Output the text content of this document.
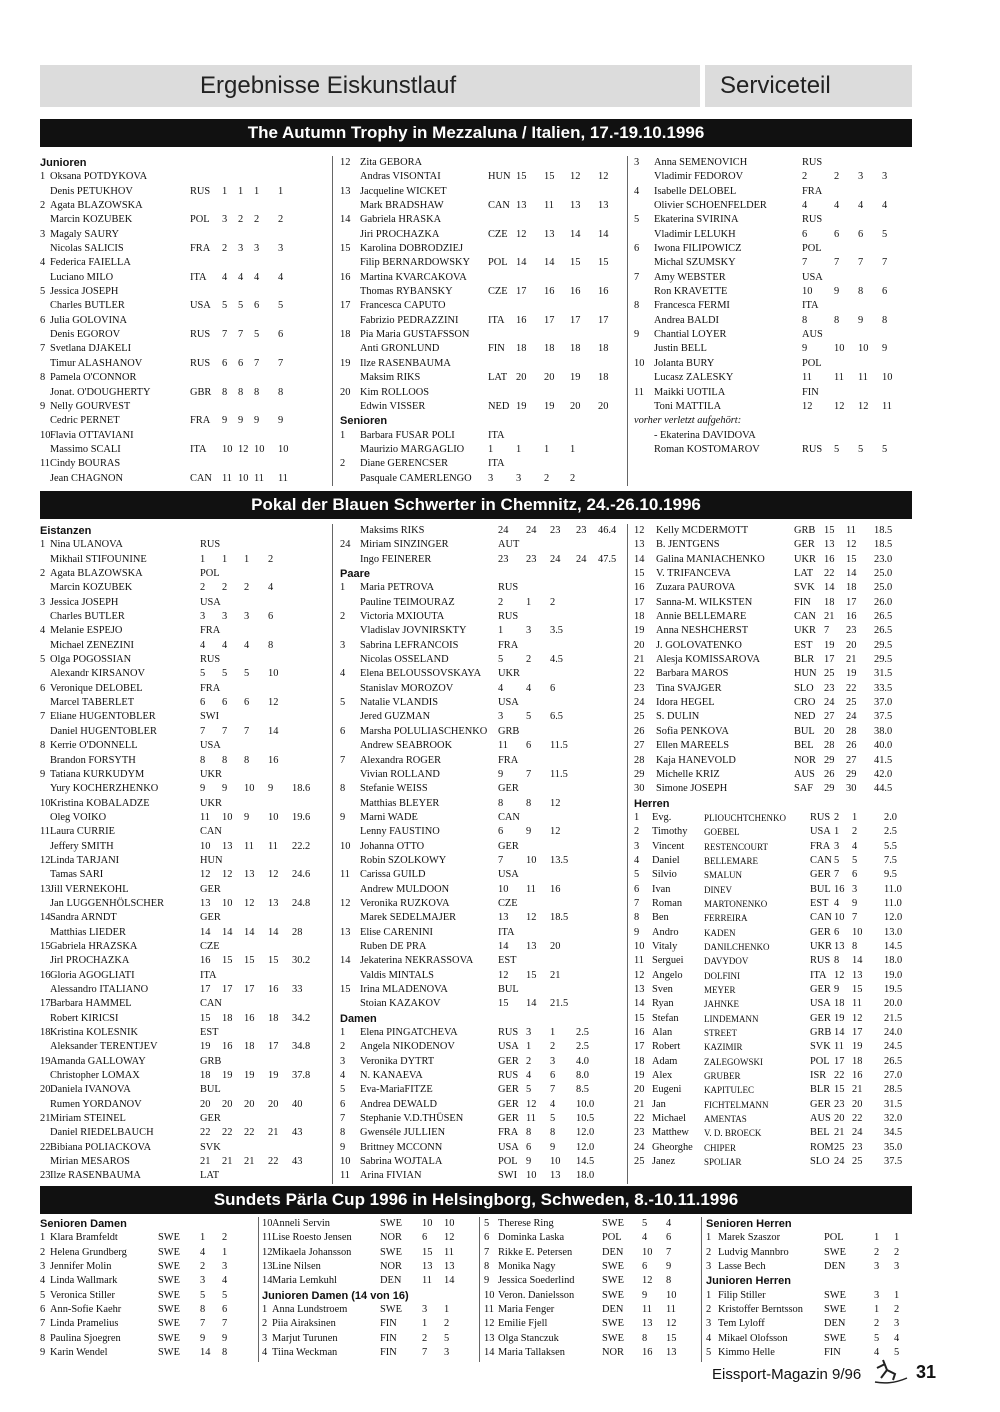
Ergebnisse Eiskunstlauf	Serviceteil
The Autumn Trophy in Mezzaluna / Italien, 17.-19.10.1996
Pokal der Blauen Schwerter in Chemnitz, 24.-26.10.1996
Sundets Pärla Cup 1996 in Helsingborg, Schweden, 8.-10.11.1996
Junioren
1 Oksana POTDYKOVA
Denis PETUKHOV	RUS 1 1 1 1
2 Agata BLAZOWSKA
Marcin KOZUBEK	POL 3 2 2 2
3 Magaly SAURY
Nicolas SALICIS	FRA 2 3 3 3
4 Federica FAIELLA
Luciano MILO	ITA 4 4 4 4
5 Jessica JOSEPH
Charles BUTLER	USA 5 5 6 5
6 Julia GOLOVINA
Denis EGOROV	RUS 7 7 5 6
7 Svetlana DJAKELI
Timur ALASHANOV	RUS 6 6 7 7
8 Pamela O'CONNOR
Jonat. O'DOUGHERTY	GBR 8 8 8 8
9 Nelly GOURVEST
Cedric PERNET	FRA 9 9 9 9
10 Flavia OTTAVIANI
Massimo SCALI	ITA 10 12 10 10
11 Cindy BOURAS
Jean CHAGNON	CAN 11 10 11 11
12 Zita GEBORA
Andras VISONTAI	HUN 15 15 12 12
13 Jacqueline WICKET
Mark BRADSHAW	CAN 13 11 13 13
14 Gabriela HRASKA
Jiri PROCHAZKA	CZE 12 13 14 14
15 Karolina DOBRODZIEJ
Filip BERNARDOWSKY POL 14 14 15 15
16 Martina KVARCAKOVA
Thomas RYBANSKY	CZE 17 16 16 16
17 Francesca CAPUTO
Fabrizio PEDRAZZINI	ITA 16 17 17 17
18 Pia Maria GUSTAFSSON
Anti GRONLUND	FIN 18 18 18 18
19 Ilze RASENBAUMA
Maksim RIKS	LAT 20 20 19 18
20 Kim ROLLOOS
Edwin VISSER	NED 19 19 20 20
Senioren
1 Barbara FUSAR POLI	ITA
Maurizio MARGAGLIO 1 1 1 1
2 Diane GERENCSER	ITA
Pasquale CAMERLENGO 3 3 2 2
3 Anna SEMENOVICH	RUS
Vladimir FEDOROV	2	2 3 3
4 Isabelle DELOBEL	FRA
Olivier SCHOENFELDER	4	4 4 4
5 Ekaterina SVIRINA	RUS
Vladimir LELUKH	6	6 6 5
6 Iwona FILIPOWICZ	POL
Michal SZUMSKY	7	7 7 7
7 Amy WEBSTER	USA
Ron KRAVETTE	10 9 8 6
8 Francesca FERMI	ITA
Andrea BALDI	8	8 9 8
9 Chantial LOYER	AUS
Justin BELL	9	10 10 9
10 Jolanta BURY	POL
Lucasz ZALESKY	11 11 11 10
11 Maikki UOTILA	FIN
Toni MATTILA	12 12 12 11
vorher verletzt aufgehört:
- Ekaterina DAVIDOVA
Roman KOSTOMAROV	RUS 5 5 5
Eistanzen
1 Nina ULANOVA	RUS
Mikhail STIFOUNINE	1 1 1 2
2 Agata BLAZOWSKA	POL
Marcin KOZUBEK	2 2 2 4
3 Jessica JOSEPH	USA
Charles BUTLER	3 3 3 6
4 Melanie ESPEJO	FRA
Michael ZENEZINI	4 4 4 8
5 Olga POGOSSIAN	RUS
Alexandr KIRSANOV	5 5 5 10
6 Veronique DELOBEL	FRA
Marcel TABERLET	6 6 6 12
7 Eliane HUGENTOBLER	SWI
Daniel HUGENTOBLER	7 7 7 14
8 Kerrie O'DONNELL	USA
Brandon FORSYTH	8 8 8 16
9 Tatiana KURKUDYM	UKR
Yury KOCHERZHENKO	9 9 10 9 18.6
10 Kristina KOBALADZE	UKR
Oleg VOIKO	11 10 9 10 19.6
11 Laura CURRIE	CAN
Jeffery SMITH	10 13 11 11 22.2
12 Linda TARJANI	HUN
Tamas SARI	12 12 13 12 24.6
13 Jill VERNEKOHL	GER
Jan LUGGENHÖLSCHER	13 10 12 13 24.8
14 Sandra ARNDT	GER
Matthias LIEDER	14 14 14 14 28
15 Gabriela HRAZSKA	CZE
Jirl PROCHAZKA	16 15 15 15 30.2
16 Gloria AGOGLIATI	ITA
Alessandro ITALIANO	17 17 17 16 33
17 Barbara HAMMEL	CAN
Robert KIRICSI	15 18 16 18 34.2
18 Kristina KOLESNIK	EST
Aleksander TERENTJEV	19 16 18 17 34.8
19 Amanda GALLOWAY	GRB
Christopher LOMAX	18 19 19 19 37.8
20 Daniela IVANOVA	BUL
Rumen YORDANOV	20 20 20 20 40
21 Miriam STEINEL	GER
Daniel RIEDELBAUCH	22 22 22 21 43
22 Bibiana POLIACKOVA	SVK
Mirian MESAROS	21 21 21 22 43
23 Ilze RASENBAUMA	LAT
Maksims RIKS	24 24 23 23 46.4
24 Miriam SINZINGER	AUT
Ingo FEINERER	23 23 24 24 47.5
Paare
1 Maria PETROVA	RUS
Pauline TEIMOURAZ	2 1 2
2 Victoria MXIOUTA	RUS
Vladislav JOVNIRSKTY	1 3 3.5
3 Sabrina LEFRANCOIS	FRA
Nicolas OSSELAND	5 2 4.5
4 Elena BELOUSSOVSKAYA UKR
Stanislav MOROZOV	4 4 6
5 Natalie VLANDIS	USA
Jered GUZMAN	3 5 6.5
6 Marsha POLULIASCHENKO GRB
Andrew SEABROOK	11 6 11.5
7 Alexandra ROGER	FRA
Vivian ROLLAND	9 7 11.5
8 Stefanie WEISS	GER
Matthias BLEYER	8 8 12
9 Marni WADE	CAN
Lenny FAUSTINO	6 9 12
10 Johanna OTTO	GER
Robin SZOLKOWY	7 10 13.5
11 Carissa GUILD	USA
Andrew MULDOON	10 11 16
12 Veronika RUZKOVA	CZE
Marek SEDELMAJER	13 12 18.5
13 Elise CARENINI	ITA
Ruben DE PRA	14 13 20
14 Jekaterina NEKRASSOVA EST
Valdis MINTALS	12 15 21
15 Irina MLADENOVA	BUL
Stoian KAZAKOV	15 14 21.5
Damen
1 Elena PINGATCHEVA	RUS 3 1 2.5
2 Angela NIKODENOV	USA 1 2 2.5
3 Veronika DYTRT	GER 2 3 4.0
4 N. KANAEVA	RUS 4 6 8.0
5 Eva-MariaFITZE	GER 5 7 8.5
6 Andrea DEWALD	GER 12 4 10.0
7 Stephanie V.D.THÜSEN	GER 11 5 10.5
8 Gwenséle JULLIEN	FRA 8 8 12.0
9 Brittney MCCONN	USA 6 9 12.0
10 Sabrina WOJTALA	POL 9 10 14.5
11 Arina FIVIAN	SWI 10 13 18.0
12 Kelly MCDERMOTT	GRB 15 11 18.5
13 B. JENTGENS	GER 13 12 18.5
14 Galina MANIACHENKO	UKR 16 15 23.0
15 V. TRIFANCEVA	LAT 22 14 25.0
16 Zuzara PAUROVA	SVK 14 18 25.0
17 Sanna-M. WILKSTEN	FIN 18 17 26.0
18 Annie BELLEMARE	CAN 21 16 26.5
19 Anna NESHCHERST	UKR 7 23 26.5
20 J. GOLOVATENKO	EST 19 20 29.5
21 Alesja KOMISSAROVA	BLR 17 21 29.5
22 Barbara MAROS	HUN 25 19 31.5
23 Tina SVAJGER	SLO 23 22 33.5
24 Idora HEGEL	CRO 24 25 37.0
25 S. DULIN	NED 27 24 37.5
26 Sofia PENKOVA	BUL 20 28 38.0
27 Ellen MAREELS	BEL 28 26 40.0
28 Kaja HANEVOLD	NOR 29 27 41.5
29 Michelle KRIZ	AUS 26 29 42.0
30 Simone JOSEPH	SAF 29 30 44.5
Herren
1 Evg.	PLIOUCHTCHENKO RUS 2 1	2.0
2 Timothy GOEBEL	USA 1 2	2.5
3 Vincent RESTENCOURT	FRA 3 4	5.5
4 Daniel	BELLEMARE	CAN 5 5	7.5
5 Silvio	SMALUN	GER 7 6	9.5
6 Ivan	DINEV	BUL 16 3	11.0
7 Roman MARTONENKO	EST 4 9	11.0
8 Ben	FERREIRA	CAN 10 7	12.0
9 Andro	KADEN	GER 6 10 13.0
10 Vitaly	DANILCHENKO	UKR 13 8	14.5
11 Serguei DAVYDOV	RUS 8 14 18.0
12 Angelo DOLFINI	ITA 12 13 19.0
13 Sven	MEYER	GER 9 15 19.5
14 Ryan	JAHNKE	USA 18 11 20.0
15 Stefan	LINDEMANN	GER 19 12 21.5
16 Alan	STREET	GRB 14 17 24.0
17 Robert	KAZIMIR	SVK 11 19 24.5
18 Adam	ZALEGOWSKI	POL 17 18 26.5
19 Alex	GRUBER	ISR 22 16 27.0
20 Eugeni	KAPITULEC	BLR 15 21 28.5
21 Jan	FICHTELMANN	GER 23 20 31.5
22 Michael AMENTAS	AUS 20 22 32.0
23 Matthew V. D. BROECK	BEL 21 24 34.5
24 Gheorghe CHIPER	ROM 25 23 35.0
25 Janez	SPOLIAR	SLO 24 25 37.5
Senioren Damen
1 Klara Bramfeldt	SWE 1 2
2 Helena Grundberg	SWE 4 1
3 Jennifer Molin	SWE 2 3
4 Linda Wallmark	SWE 3 4
5 Veronica Stiller	SWE 5 5
6 Ann-Sofie Kaehr	SWE 8 6
7 Linda Pramelius	SWE 7 7
8 Paulina Sjoegren	SWE 9 9
9 Karin Wendel	SWE 14 8
10 Anneli Servin	SWE 10 10
11 Lise Roesto Jensen	NOR 6 12
12 Mikaela Johansson	SWE 15 11
13 Line Nilsen	NOR 13 13
14 Maria Lemkuhl	DEN 11 14
Junioren Damen (14 von 16)
1 Anna Lundstroem	SWE 3 1
2 Piia Airaksinen	FIN 1 2
3 Marjut Turunen	FIN 2 5
4 Tiina Weckman	FIN 7 3
5 Therese Ring	SWE 5 4
6 Dominka Laska	POL 4 6
7 Rikke E. Petersen	DEN 10 7
8 Monika Nagy	SWE 6 9
9 Jessica Soederlind	SWE 12 8
10 Veron. Danielsson	SWE 9 10
11 Maria Fenger	DEN 11 11
12 Emilie Fjell	SWE 13 12
13 Olga Stanczuk	SWE 8 15
14 Maria Tallaksen	NOR 16 13
Senioren Herren
1 Marek Szaszor	POL	1 1
2 Ludvig Mannbro	SWE	2 2
3 Lasse Bech	DEN	3 3
Junioren Herren
1 Filip Stiller	SWE	3 1
2 Kristoffer Berntsson SWE	1 2
3 Tem Lyloff	DEN	2 3
4 Mikael Olofsson	SWE	5 4
5 Kimmo Helle	FIN	4 5
Eissport-Magazin 9/96	31
